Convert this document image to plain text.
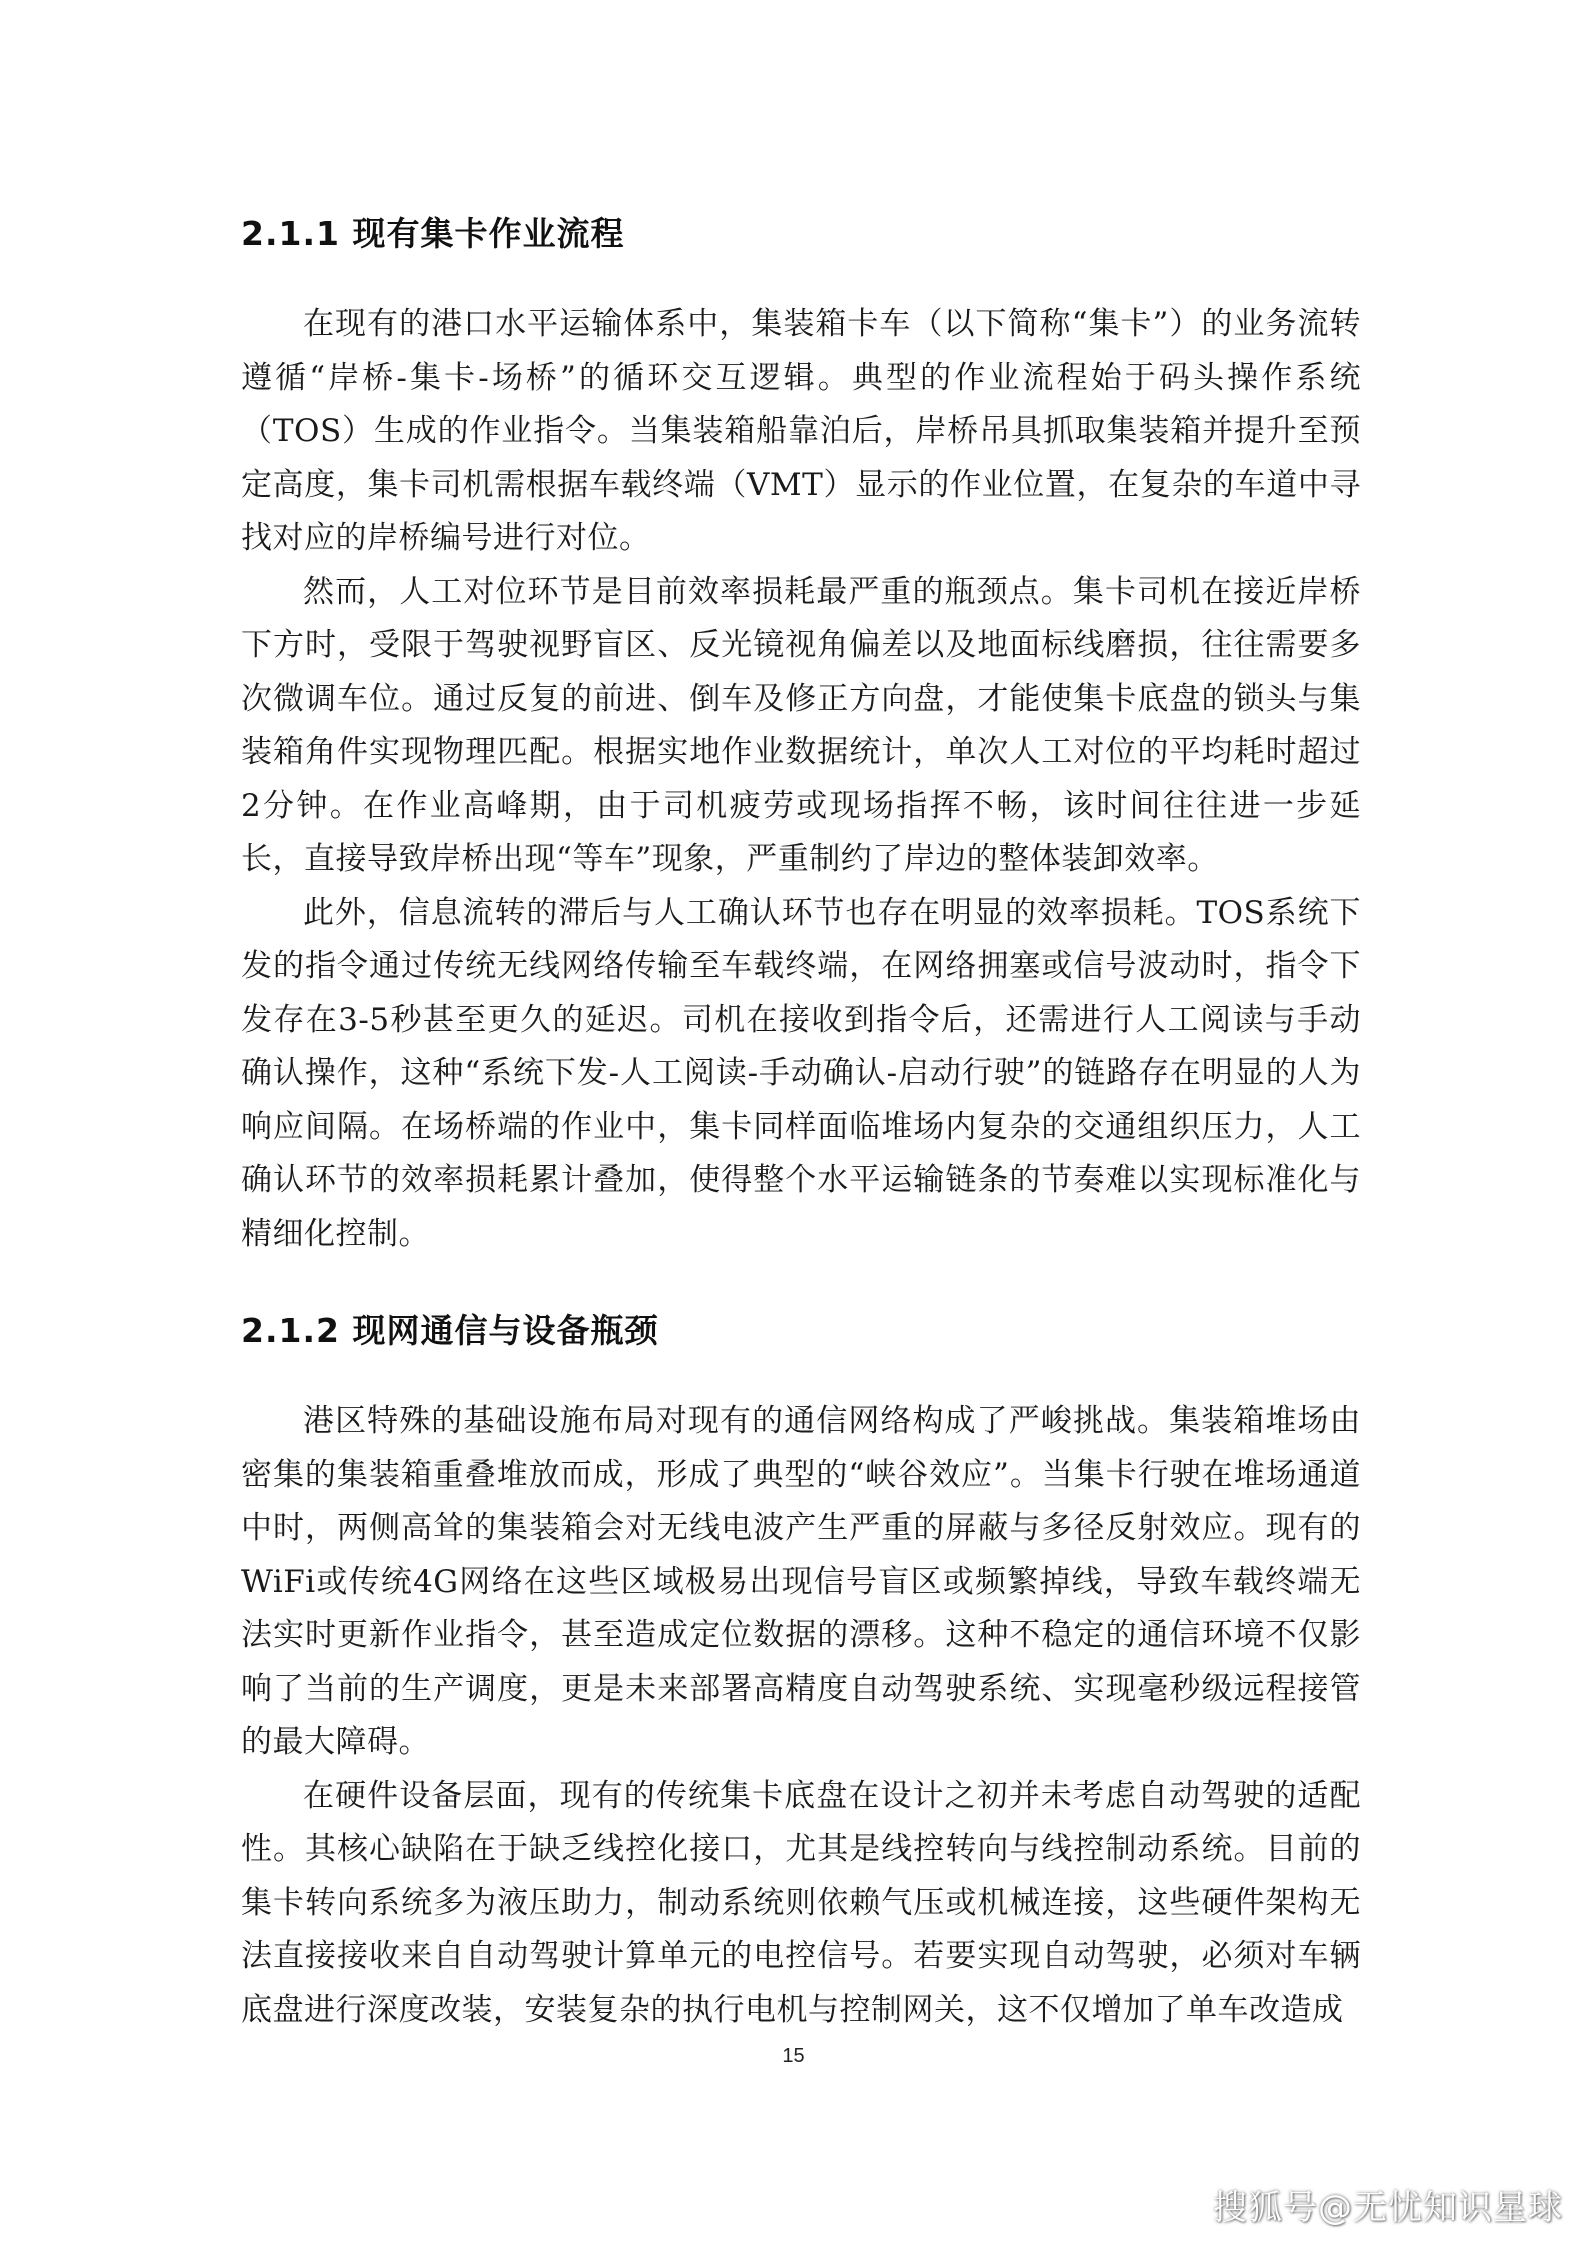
2.1.1 现有集卡作业流程

在现有的港口水平运输体系中，集装箱卡车（以下简称“集卡”）的业务流转遵循“岸桥-集卡-场桥”的循环交互逻辑。典型的作业流程始于码头操作系统（TOS）生成的作业指令。当集装箱船靠泊后，岸桥吊具抓取集装箱并提升至预定高度，集卡司机需根据车载终端（VMT）显示的作业位置，在复杂的车道中寻找对应的岸桥编号进行对位。

然而，人工对位环节是目前效率损耗最严重的瓶颈点。集卡司机在接近岸桥下方时，受限于驾驶视野盲区、反光镜视角偏差以及地面标线磨损，往往需要多次微调车位。通过反复的前进、倒车及修正方向盘，才能使集卡底盘的锁头与集装箱角件实现物理匹配。根据实地作业数据统计，单次人工对位的平均耗时超过2分钟。在作业高峰期，由于司机疲劳或现场指挥不畅，该时间往往进一步延长，直接导致岸桥出现“等车”现象，严重制约了岸边的整体装卸效率。

此外，信息流转的滞后与人工确认环节也存在明显的效率损耗。TOS系统下发的指令通过传统无线网络传输至车载终端，在网络拥塞或信号波动时，指令下发存在3-5秒甚至更久的延迟。司机在接收到指令后，还需进行人工阅读与手动确认操作，这种“系统下发-人工阅读-手动确认-启动行驶”的链路存在明显的人为响应间隔。在场桥端的作业中，集卡同样面临堆场内复杂的交通组织压力，人工确认环节的效率损耗累计叠加，使得整个水平运输链条的节奏难以实现标准化与精细化控制。

2.1.2 现网通信与设备瓶颈

港区特殊的基础设施布局对现有的通信网络构成了严峻挑战。集装箱堆场由密集的集装箱重叠堆放而成，形成了典型的“峡谷效应”。当集卡行驶在堆场通道中时，两侧高耸的集装箱会对无线电波产生严重的屏蔽与多径反射效应。现有的WiFi或传统4G网络在这些区域极易出现信号盲区或频繁掉线，导致车载终端无法实时更新作业指令，甚至造成定位数据的漂移。这种不稳定的通信环境不仅影响了当前的生产调度，更是未来部署高精度自动驾驶系统、实现毫秒级远程接管的最大障碍。

在硬件设备层面，现有的传统集卡底盘在设计之初并未考虑自动驾驶的适配性。其核心缺陷在于缺乏线控化接口，尤其是线控转向与线控制动系统。目前的集卡转向系统多为液压助力，制动系统则依赖气压或机械连接，这些硬件架构无法直接接收来自自动驾驶计算单元的电控信号。若要实现自动驾驶，必须对车辆底盘进行深度改装，安装复杂的执行电机与控制网关，这不仅增加了单车改造成

15
搜狐号@无忧知识星球
